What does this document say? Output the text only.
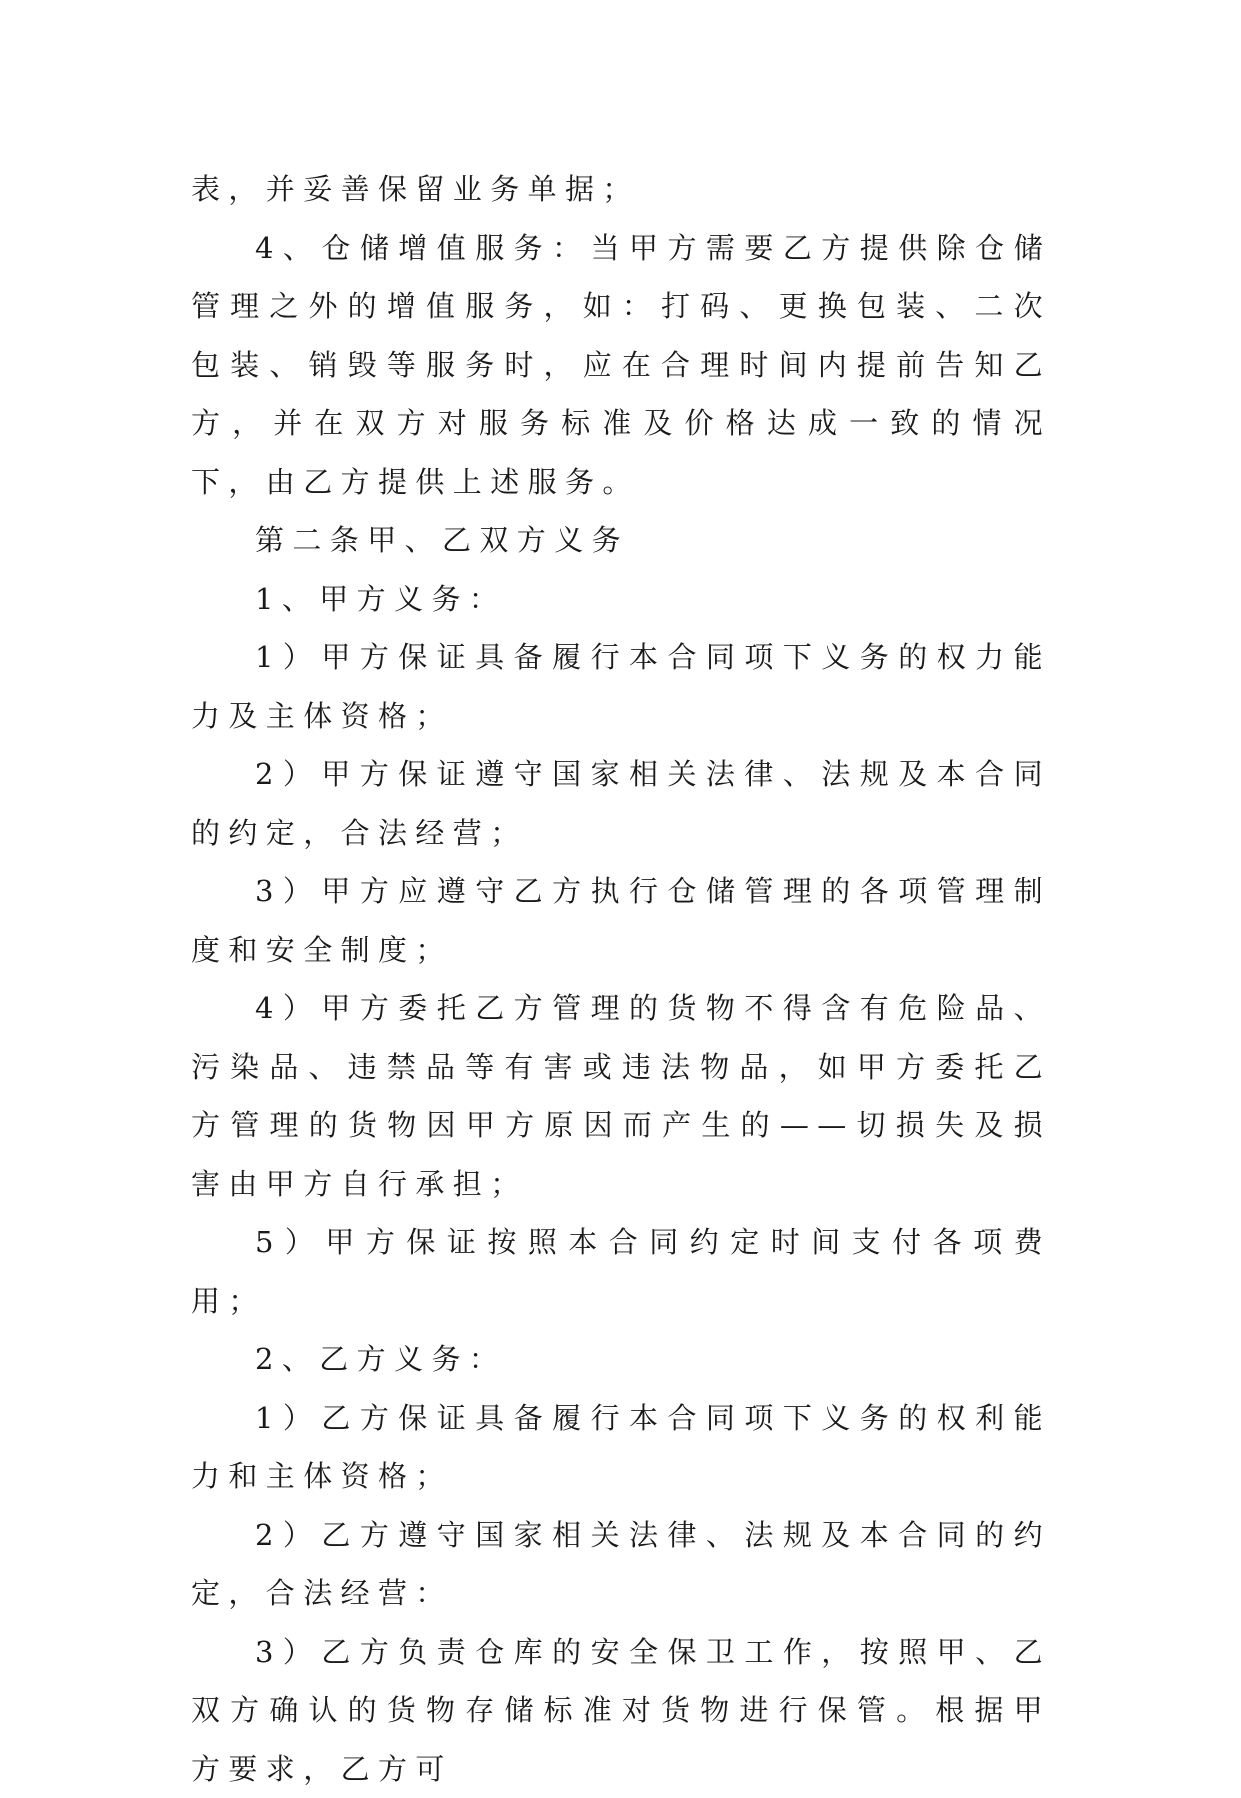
表，并妥善保留业务单据；

4、仓储增值服务：当甲方需要乙方提供除仓储管理之外的增值服务，如：打码、更换包装、二次包装、销毁等服务时，应在合理时间内提前告知乙方，并在双方对服务标准及价格达成一致的情况下，由乙方提供上述服务。

第二条甲、乙双方义务

1、甲方义务：

1）甲方保证具备履行本合同项下义务的权力能力及主体资格；

2）甲方保证遵守国家相关法律、法规及本合同的约定，合法经营；

3）甲方应遵守乙方执行仓储管理的各项管理制度和安全制度；

4）甲方委托乙方管理的货物不得含有危险品、污染品、违禁品等有害或违法物品，如甲方委托乙方管理的货物因甲方原因而产生的——切损失及损害由甲方自行承担；

5）甲方保证按照本合同约定时间支付各项费用；

2、乙方义务：

1）乙方保证具备履行本合同项下义务的权利能力和主体资格；

2）乙方遵守国家相关法律、法规及本合同的约定，合法经营：

3）乙方负责仓库的安全保卫工作，按照甲、乙双方确认的货物存储标准对货物进行保管。根据甲方要求，乙方可
